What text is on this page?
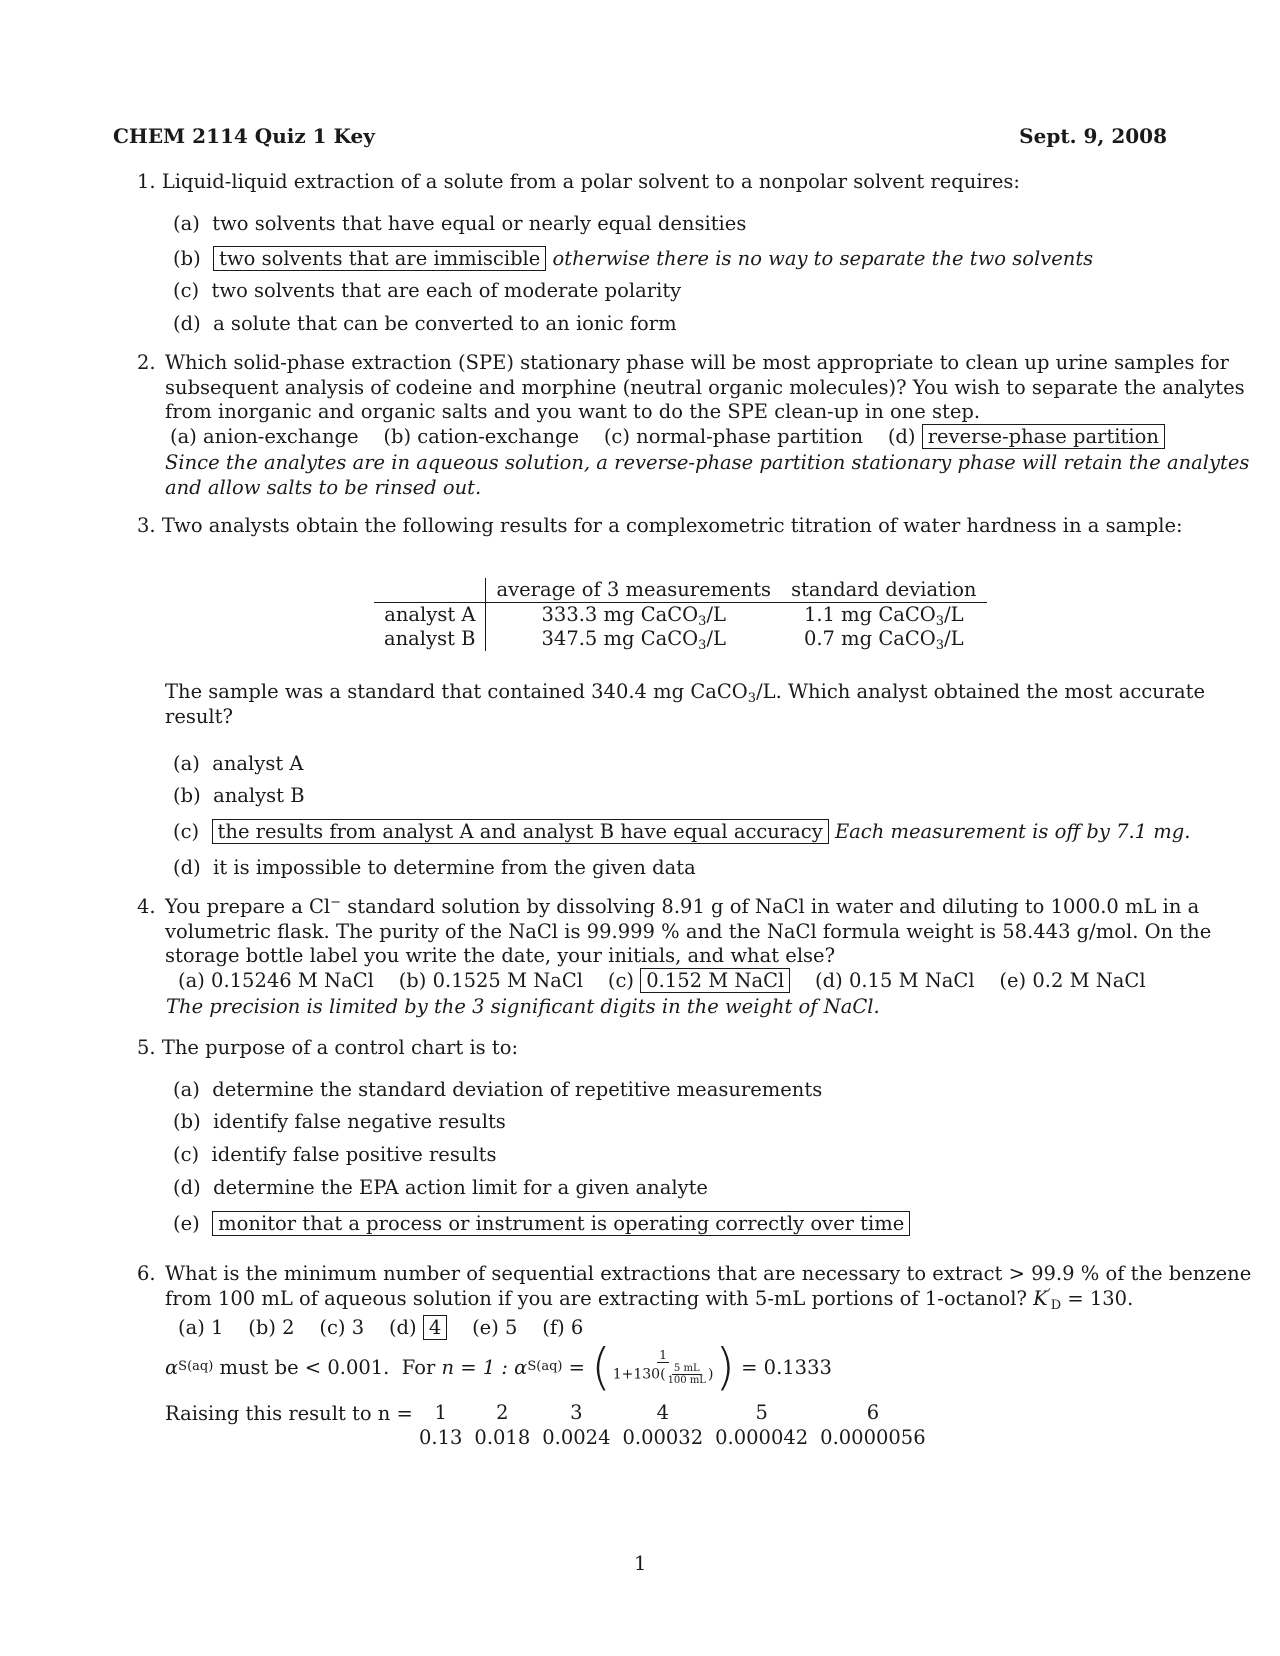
CHEM 2114 Quiz 1 Key	Sept. 9, 2008
1. Liquid-liquid extraction of a solute from a polar solvent to a nonpolar solvent requires:
(a) two solvents that have equal or nearly equal densities
(b) two solvents that are immiscible otherwise there is no way to separate the two solvents
(c) two solvents that are each of moderate polarity
(d) a solute that can be converted to an ionic form
2. Which solid-phase extraction (SPE) stationary phase will be most appropriate to clean up urine samples for
subsequent analysis of codeine and morphine (neutral organic molecules)? You wish to separate the analytes
from inorganic and organic salts and you want to do the SPE clean-up in one step.
(a) anion-exchange (b) cation-exchange (c) normal-phase partition (d) reverse-phase partition
Since the analytes are in aqueous solution, a reverse-phase partition stationary phase will retain the analytes
and allow salts to be rinsed out.
3. Two analysts obtain the following results for a complexometric titration of water hardness in a sample:
	average of 3 measurements	standard deviation
analyst A	333.3 mg CaCO$_3$/L	1.1 mg CaCO$_3$/L
analyst B	347.5 mg CaCO$_3$/L	0.7 mg CaCO$_3$/L
The sample was a standard that contained 340.4 mg CaCO$_3$/L. Which analyst obtained the most accurate
result?
(a) analyst A
(b) analyst B
(c) the results from analyst A and analyst B have equal accuracy Each measurement is off by 7.1 mg.
(d) it is impossible to determine from the given data
4. You prepare a Cl− standard solution by dissolving 8.91 g of NaCl in water and diluting to 1000.0 mL in a
volumetric flask. The purity of the NaCl is 99.999 % and the NaCl formula weight is 58.443 g/mol. On the
storage bottle label you write the date, your initials, and what else?
(a) 0.15246 M NaCl (b) 0.1525 M NaCl (c) 0.152 M NaCl (d) 0.15 M NaCl (e) 0.2 M NaCl
The precision is limited by the 3 significant digits in the weight of NaCl.
5. The purpose of a control chart is to:
(a) determine the standard deviation of repetitive measurements
(b) identify false negative results
(c) identify false positive results
(d) determine the EPA action limit for a given analyte
(e) monitor that a process or instrument is operating correctly over time
6. What is the minimum number of sequential extractions that are necessary to extract > 99.9 % of the benzene
from 100 mL of aqueous solution if you are extracting with 5-mL portions of 1-octanol? $K'_D = 130$.
(a) 1 (b) 2 (c) 3 (d) 4 (e) 5 (f) 6
α S(aq) must be < 0.001.  For n = 1 : α S(aq) = ( $\frac{1}{1+130( \frac{5 mL}{100 mL} )}$ ) = 0.1333
Raising this result to n = 1	2	3	4	5	6
0.13	0.018	0.0024	0.00032	0.000042	0.0000056
1
